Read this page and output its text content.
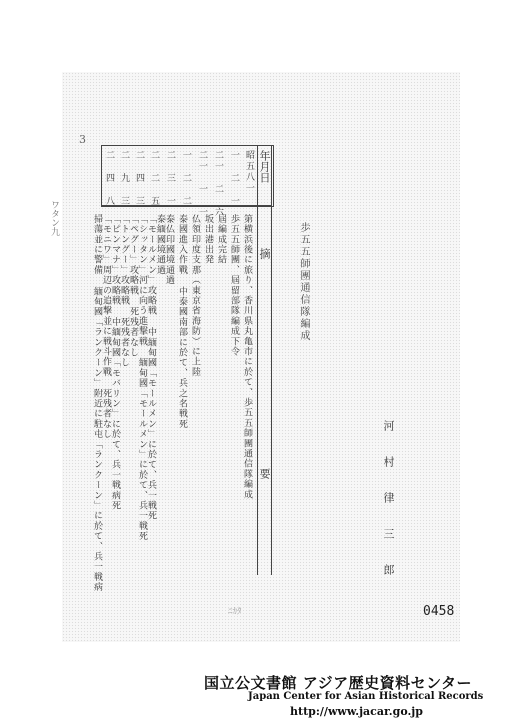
3
ワタン九
年月日
摘
要
昭五八一
一 二 一
二一 二 六
二一 一 一
一 二 二
二 三 一
二 二 五
二 四 三
二 九 三
二 四 八
第横浜後に旅り、香川県丸亀市に於て、歩五五師團通信隊編成
歩五五師團、屆留部隊編成下令
屆編成完結
坂出港出発
仏領印度支那（東京省海防）に上陸
泰國進入作戰 中泰國南部に於て、兵之名戦死
泰仏印國境通過
泰緬國境通過
「モールメン」攻略戦 中緬甸國「モールメン」に於て、兵一戦死
「シッタン」河に向う進撃戦 緬甸國「モールメン」に於て、兵一戦死
「ペグー」攻略戦 死残者なし
「トングー」攻略戦 死残者なし
「ピンマナ」攻略戦 中緬甸國「モバリン」に於て、兵一戦病死
「モニワ」周辺の追撃並に戦斗作戰 死残者なし
掃蕩並に警備 緬甸國「ランクーン」附近に駐屯「ランクーン」に於て、兵一戦病	歩五五師團通信隊編成
河 村 律 三 郎
ﾆｶﾀ	0458
国立公文書館 アジア歴史資料センター
Japan Center for Asian Historical Records
http://www.jacar.go.jp
